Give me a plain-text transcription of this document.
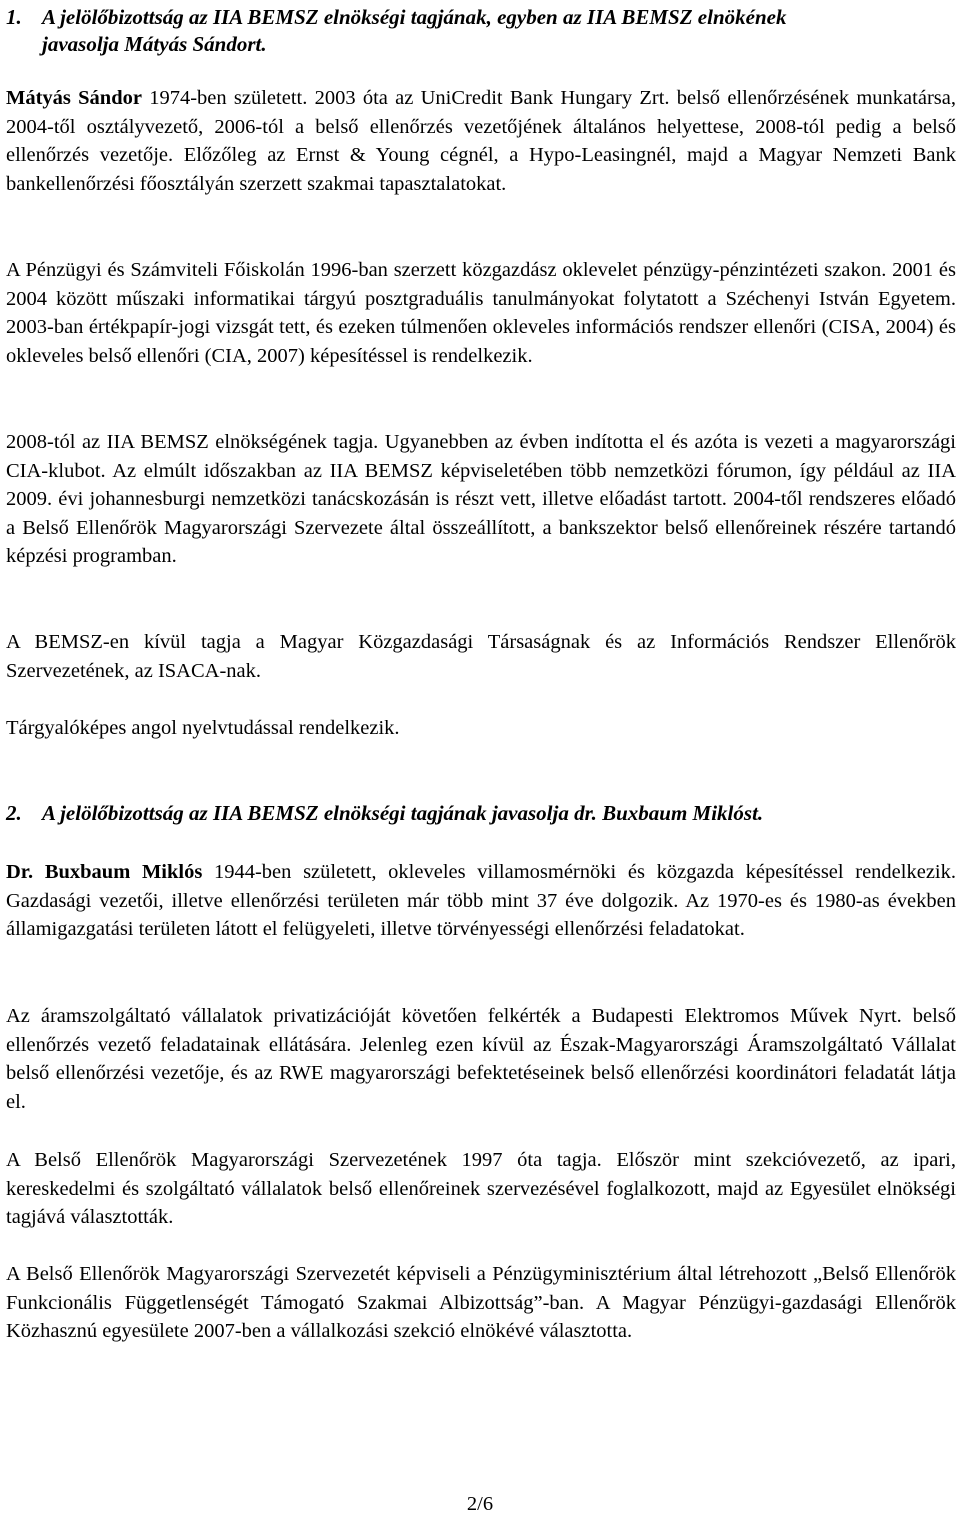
1. A jelölőbizottság az IIA BEMSZ elnökségi tagjának, egyben az IIA BEMSZ elnökének
javasolja Mátyás Sándort.

Mátyás Sándor 1974-ben született. 2003 óta az UniCredit Bank Hungary Zrt. belső ellenőrzésének munkatársa, 2004-től osztályvezető, 2006-tól a belső ellenőrzés vezetőjének általános helyettese, 2008-tól pedig a belső ellenőrzés vezetője. Előzőleg az Ernst & Young cégnél, a Hypo-Leasingnél, majd a Magyar Nemzeti Bank bankellenőrzési főosztályán szerzett szakmai tapasztalatokat.

A Pénzügyi és Számviteli Főiskolán 1996-ban szerzett közgazdász oklevelet pénzügy-pénzintézeti szakon. 2001 és 2004 között műszaki informatikai tárgyú posztgraduális tanulmányokat folytatott a Széchenyi István Egyetem. 2003-ban értékpapír-jogi vizsgát tett, és ezeken túlmenően okleveles információs rendszer ellenőri (CISA, 2004) és okleveles belső ellenőri (CIA, 2007) képesítéssel is rendelkezik.

2008-tól az IIA BEMSZ elnökségének tagja. Ugyanebben az évben indította el és azóta is vezeti a magyarországi CIA-klubot. Az elmúlt időszakban az IIA BEMSZ képviseletében több nemzetközi fórumon, így például az IIA 2009. évi johannesburgi nemzetközi tanácskozásán is részt vett, illetve előadást tartott. 2004-től rendszeres előadó a Belső Ellenőrök Magyarországi Szervezete által összeállított, a bankszektor belső ellenőreinek részére tartandó képzési programban.

A BEMSZ-en kívül tagja a Magyar Közgazdasági Társaságnak és az Információs Rendszer Ellenőrök Szervezetének, az ISACA-nak.

Tárgyalóképes angol nyelvtudással rendelkezik.

2. A jelölőbizottság az IIA BEMSZ elnökségi tagjának javasolja dr. Buxbaum Miklóst.

Dr. Buxbaum Miklós 1944-ben született, okleveles villamosmérnöki és közgazda képesítéssel rendelkezik. Gazdasági vezetői, illetve ellenőrzési területen már több mint 37 éve dolgozik. Az 1970-es és 1980-as években államigazgatási területen látott el felügyeleti, illetve törvényességi ellenőrzési feladatokat.

Az áramszolgáltató vállalatok privatizációját követően felkérték a Budapesti Elektromos Művek Nyrt. belső ellenőrzés vezető feladatainak ellátására. Jelenleg ezen kívül az Észak-Magyarországi Áramszolgáltató Vállalat belső ellenőrzési vezetője, és az RWE magyarországi befektetéseinek belső ellenőrzési koordinátori feladatát látja el.

A Belső Ellenőrök Magyarországi Szervezetének 1997 óta tagja. Először mint szekcióvezető, az ipari, kereskedelmi és szolgáltató vállalatok belső ellenőreinek szervezésével foglalkozott, majd az Egyesület elnökségi tagjává választották.

A Belső Ellenőrök Magyarországi Szervezetét képviseli a Pénzügyminisztérium által létrehozott „Belső Ellenőrök Funkcionális Függetlenségét Támogató Szakmai Albizottság”-ban. A Magyar Pénzügyi-gazdasági Ellenőrök Közhasznú egyesülete 2007-ben a vállalkozási szekció elnökévé választotta.

2/6
